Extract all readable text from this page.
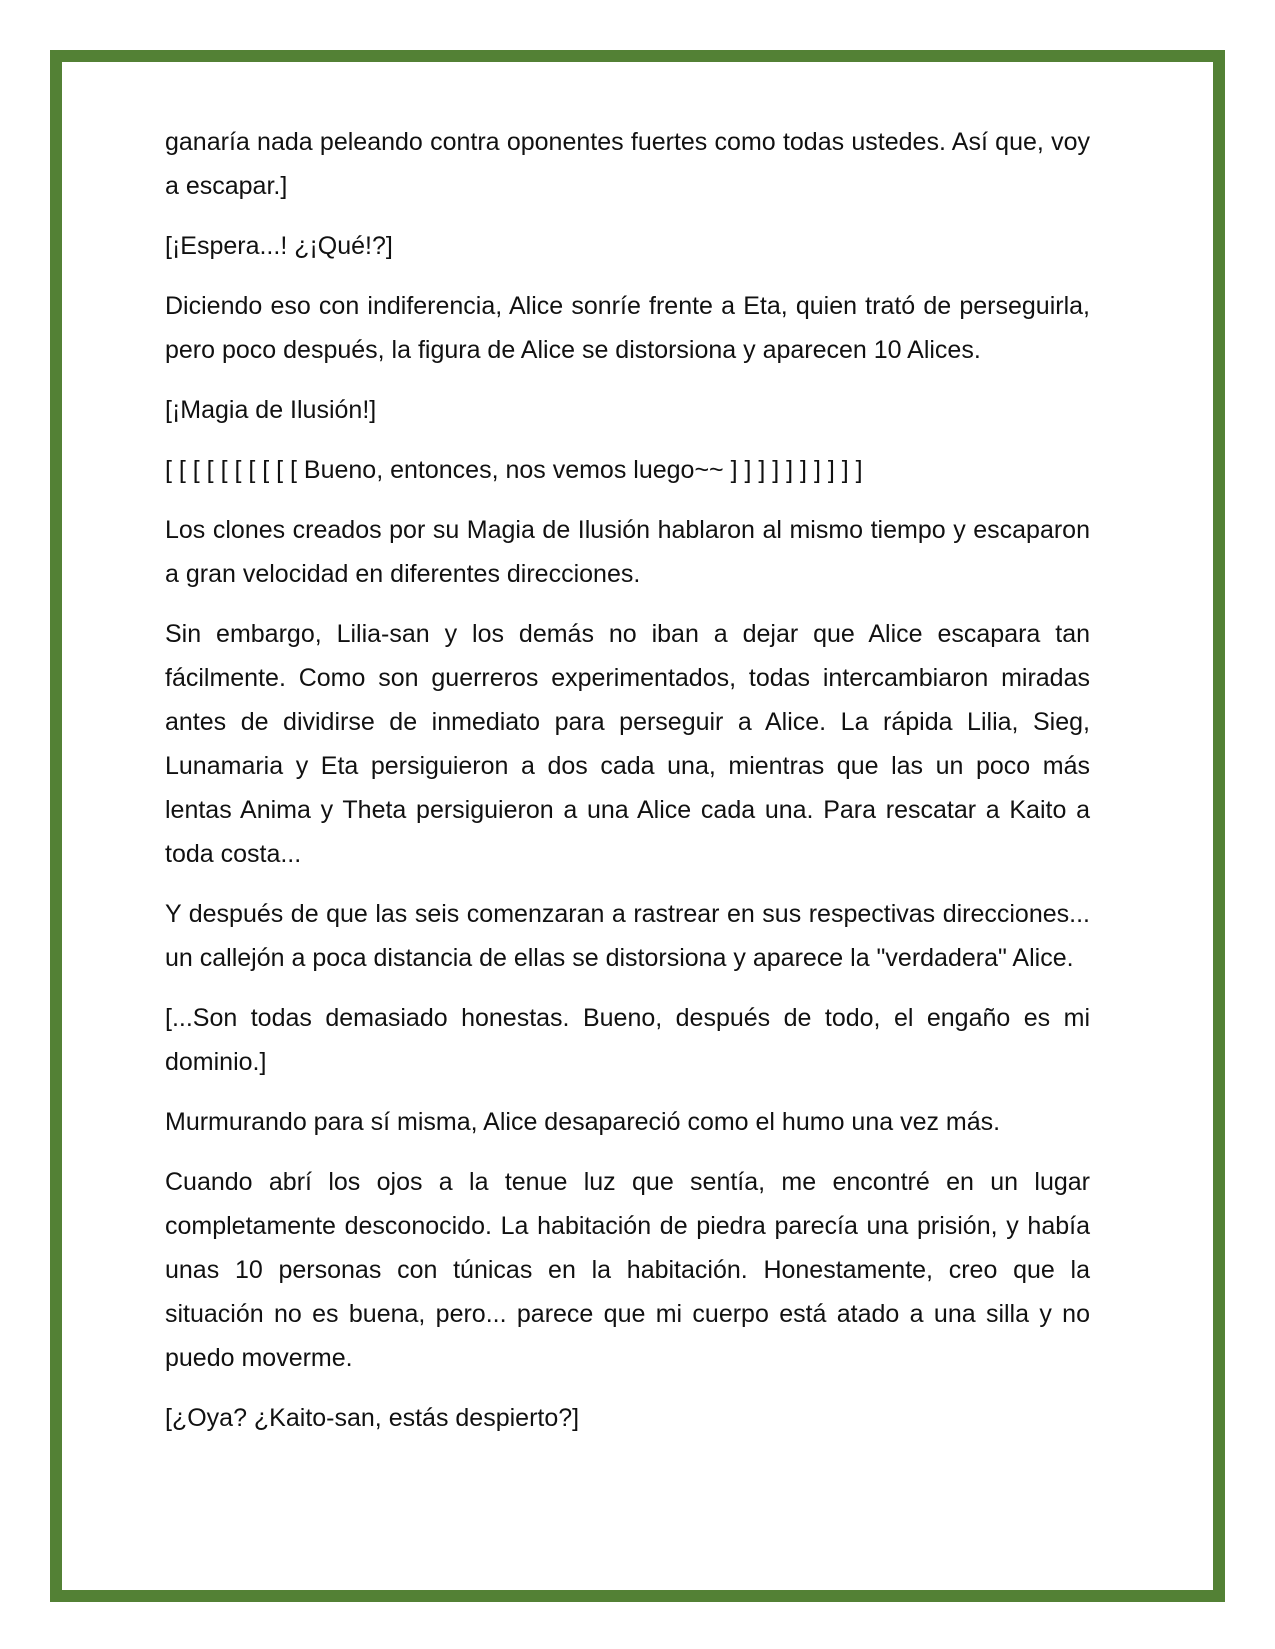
ganaría nada peleando contra oponentes fuertes como todas ustedes. Así que, voy a escapar.]

[¡Espera...! ¿¡Qué!?]

Diciendo eso con indiferencia, Alice sonríe frente a Eta, quien trató de perseguirla, pero poco después, la figura de Alice se distorsiona y aparecen 10 Alices.

[¡Magia de Ilusión!]

[ [ [ [ [ [ [ [ [ [ Bueno, entonces, nos vemos luego~~ ] ] ] ] ] ] ] ] ] ]

Los clones creados por su Magia de Ilusión hablaron al mismo tiempo y escaparon a gran velocidad en diferentes direcciones.

Sin embargo, Lilia-san y los demás no iban a dejar que Alice escapara tan fácilmente. Como son guerreros experimentados, todas intercambiaron miradas antes de dividirse de inmediato para perseguir a Alice. La rápida Lilia, Sieg, Lunamaria y Eta persiguieron a dos cada una, mientras que las un poco más lentas Anima y Theta persiguieron a una Alice cada una. Para rescatar a Kaito a toda costa...

Y después de que las seis comenzaran a rastrear en sus respectivas direcciones... un callejón a poca distancia de ellas se distorsiona y aparece la "verdadera" Alice.

[...Son todas demasiado honestas. Bueno, después de todo, el engaño es mi dominio.]

Murmurando para sí misma, Alice desapareció como el humo una vez más.

Cuando abrí los ojos a la tenue luz que sentía, me encontré en un lugar completamente desconocido. La habitación de piedra parecía una prisión, y había unas 10 personas con túnicas en la habitación. Honestamente, creo que la situación no es buena, pero... parece que mi cuerpo está atado a una silla y no puedo moverme.

[¿Oya? ¿Kaito-san, estás despierto?]
